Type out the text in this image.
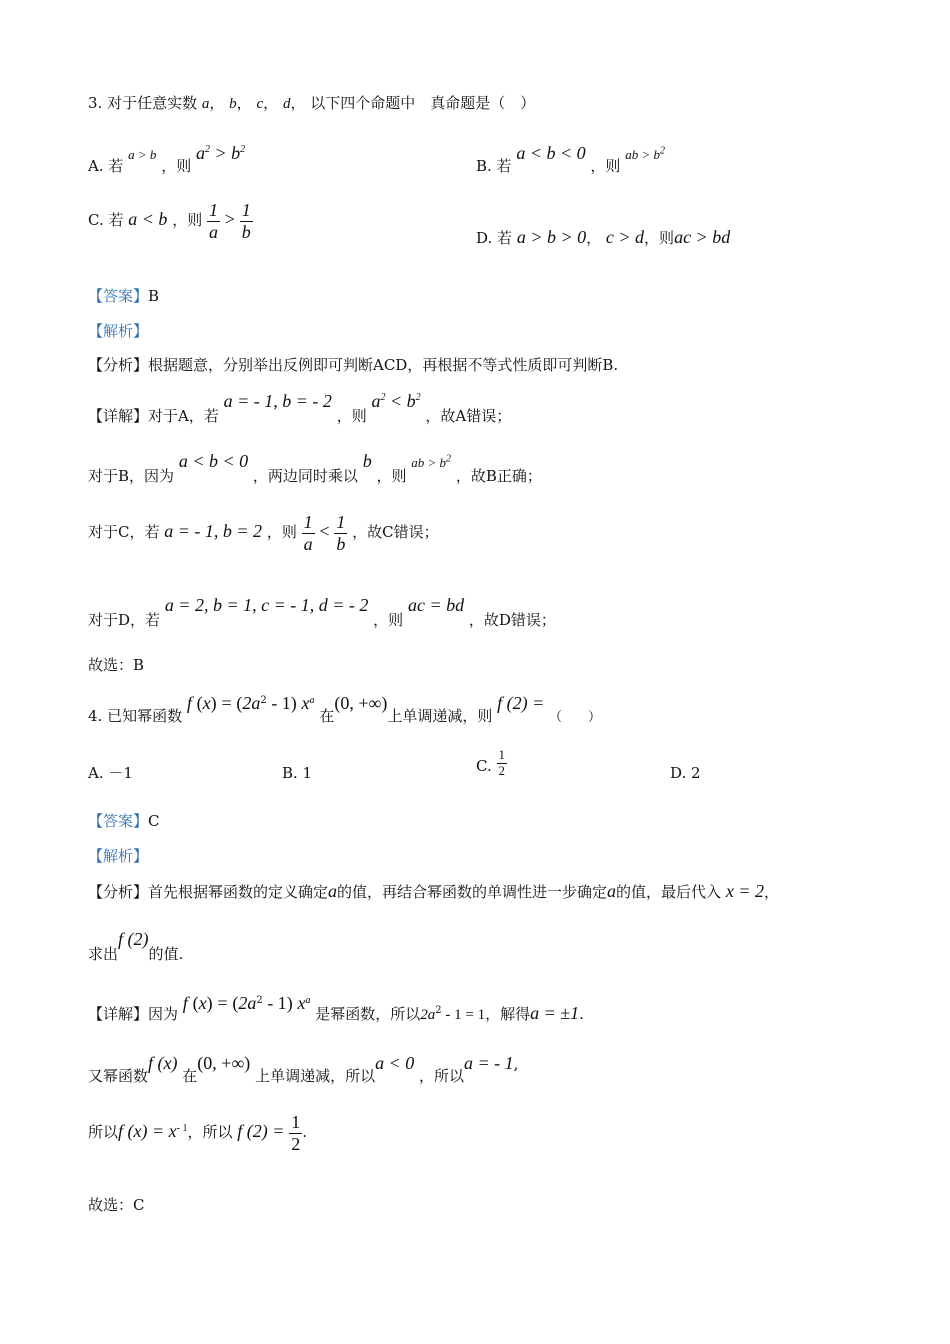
3. 对于任意实数 a， b， c， d， 以下四个命题中　真命题是（　）
A. 若 a > b ，则 $a^2 > b^2$
B. 若 a < b < 0 ，则 ab > $b^2$
C. 若 a < b ，则 $\frac{1}{a} > \frac{1}{b}$	D. 若 a > b > 0， c > d，则ac > bd
【答案】B
【解析】
【分析】根据题意，分别举出反例即可判断ACD，再根据不等式性质即可判断B.
【详解】对于A，若 a = - 1, b = - 2 ，则 $a^2 < b^2$ ，故A错误；
对于B，因为 a < b < 0 ，两边同时乘以 b ，则 ab > $b^2$ ，故B正确；
对于C，若 a = - 1, b = 2 ，则 $\frac{1}{a} < \frac{1}{b}$ ，故C错误；
对于D，若 a = 2, b = 1, c = - 1, d = - 2 ，则 ac = bd ，故D错误；
故选：B
4. 已知幂函数 f $(x) = (2a^2 - 1)$ $x^a$ 在(0, +∞)上单调递减，则 f (2) = （　　）
A. －1	B. 1	C. $\frac{1}{2}$	D. 2
【答案】C
【解析】
【分析】首先根据幂函数的定义确定a的值，再结合幂函数的单调性进一步确定a的值，最后代入 x = 2，
求出f (2)的值.
【详解】因为 f $(x) = (2a^2 - 1)$ $x^a$ 是幂函数，所以$2a^2 - 1 = 1$，解得a = ±1.
又幂函数f (x) 在(0, +∞) 上单调递减，所以a < 0 ，所以a = - 1,
所以f $(x) = x^{- 1}$，所以 f $(2) = \frac{1}{2}$ .
故选：C
